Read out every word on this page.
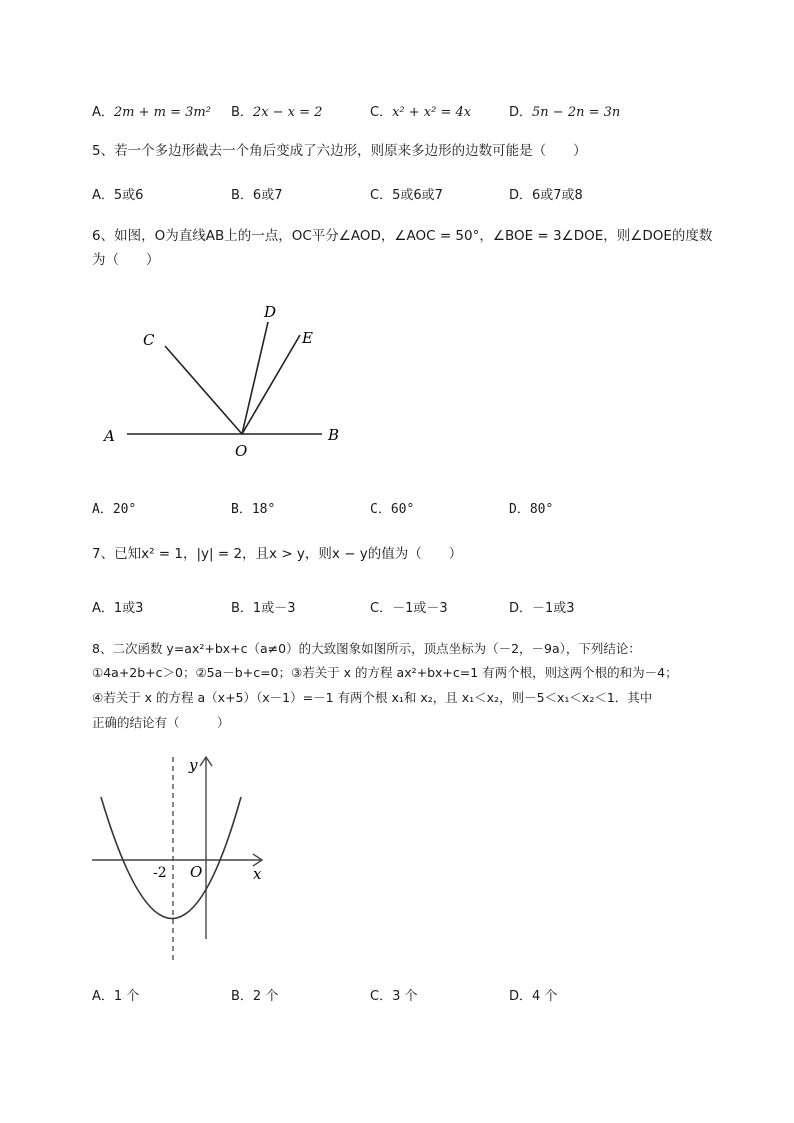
A．2m + m = 3m² B．2x − x = 2	C．x² + x² = 4x	D．5n − 2n = 3n
5、若一个多边形截去一个角后变成了六边形，则原来多边形的边数可能是（　　）
A．5或6	B．6或7	C．5或6或7	D．6或7或8
6、如图，O为直线AB上的一点，OC平分∠AOD，∠AOC = 50°，∠BOE = 3∠DOE，则∠DOE的度数
为（　　）
A	B
C
D
E
O
A．20°	B．18°	C．60°	D．80°
7、已知x² = 1，|y| = 2，且x > y，则x − y的值为（　　）
A．1或3	B．1或－3	C．－1或－3	D．－1或3
8、二次函数 y=ax²+bx+c（a≠0）的大致图象如图所示，顶点坐标为（－2，－9a），下列结论：
①4a+2b+c＞0；②5a－b+c=0；③若关于 x 的方程 ax²+bx+c=1 有两个根，则这两个根的和为－4；
④若关于 x 的方程 a（x+5）（x－1）=－1 有两个根 x₁和 x₂，且 x₁＜x₂，则－5＜x₁＜x₂＜1．其中
正确的结论有（　　　）
y
x
O
-2
A．1 个	B．2 个	C．3 个	D．4 个
